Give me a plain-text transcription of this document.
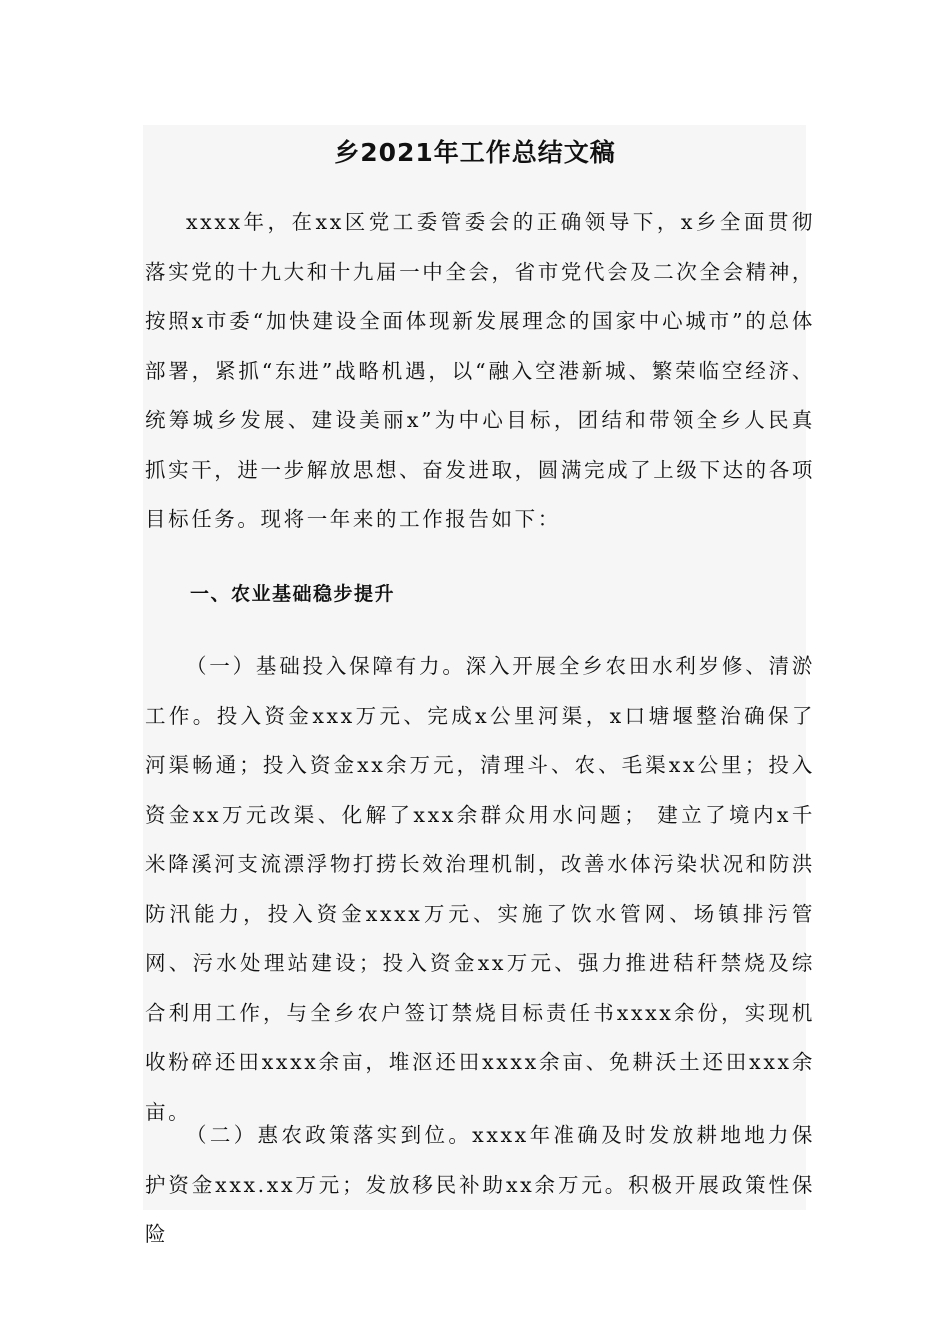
乡2021年工作总结文稿

xxxx年，在xx区党工委管委会的正确领导下，x乡全面贯彻落实党的十九大和十九届一中全会，省市党代会及二次全会精神，按照x市委“加快建设全面体现新发展理念的国家中心城市”的总体部署，紧抓“东进”战略机遇，以“融入空港新城、繁荣临空经济、统筹城乡发展、建设美丽x”为中心目标，团结和带领全乡人民真抓实干，进一步解放思想、奋发进取，圆满完成了上级下达的各项目标任务。现将一年来的工作报告如下：

一、农业基础稳步提升

（一）基础投入保障有力。深入开展全乡农田水利岁修、清淤工作。投入资金xxx万元、完成x公里河渠，x口塘堰整治确保了河渠畅通；投入资金xx余万元，清理斗、农、毛渠xx公里；投入资金xx万元改渠、化解了xxx余群众用水问题； 建立了境内x千米降溪河支流漂浮物打捞长效治理机制，改善水体污染状况和防洪防汛能力，投入资金xxxx万元、实施了饮水管网、场镇排污管网、污水处理站建设；投入资金xx万元、强力推进秸秆禁烧及综合利用工作，与全乡农户签订禁烧目标责任书xxxx余份，实现机收粉碎还田xxxx余亩，堆沤还田xxxx余亩、免耕沃土还田xxx余亩。

（二）惠农政策落实到位。xxxx年准确及时发放耕地地力保护资金xxx.xx万元；发放移民补助xx余万元。积极开展政策性保险
